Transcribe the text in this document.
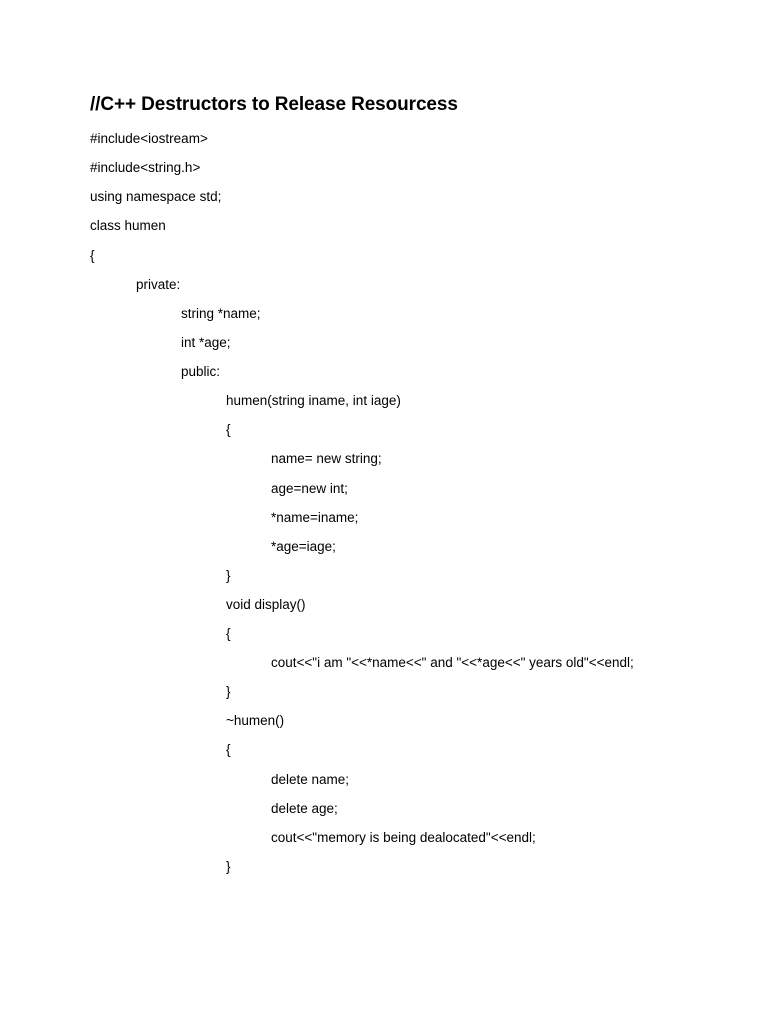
//C++ Destructors to Release Resourcess
#include<iostream>
#include<string.h>
using namespace std;
class humen
{
private:
string *name;
int *age;
public:
humen(string iname, int iage)
{
name= new string;
age=new int;
*name=iname;
*age=iage;
}
void display()
{
cout<<"i am "<<*name<<" and "<<*age<<" years old"<<endl;
}
~humen()
{
delete name;
delete age;
cout<<"memory is being dealocated"<<endl;
}
